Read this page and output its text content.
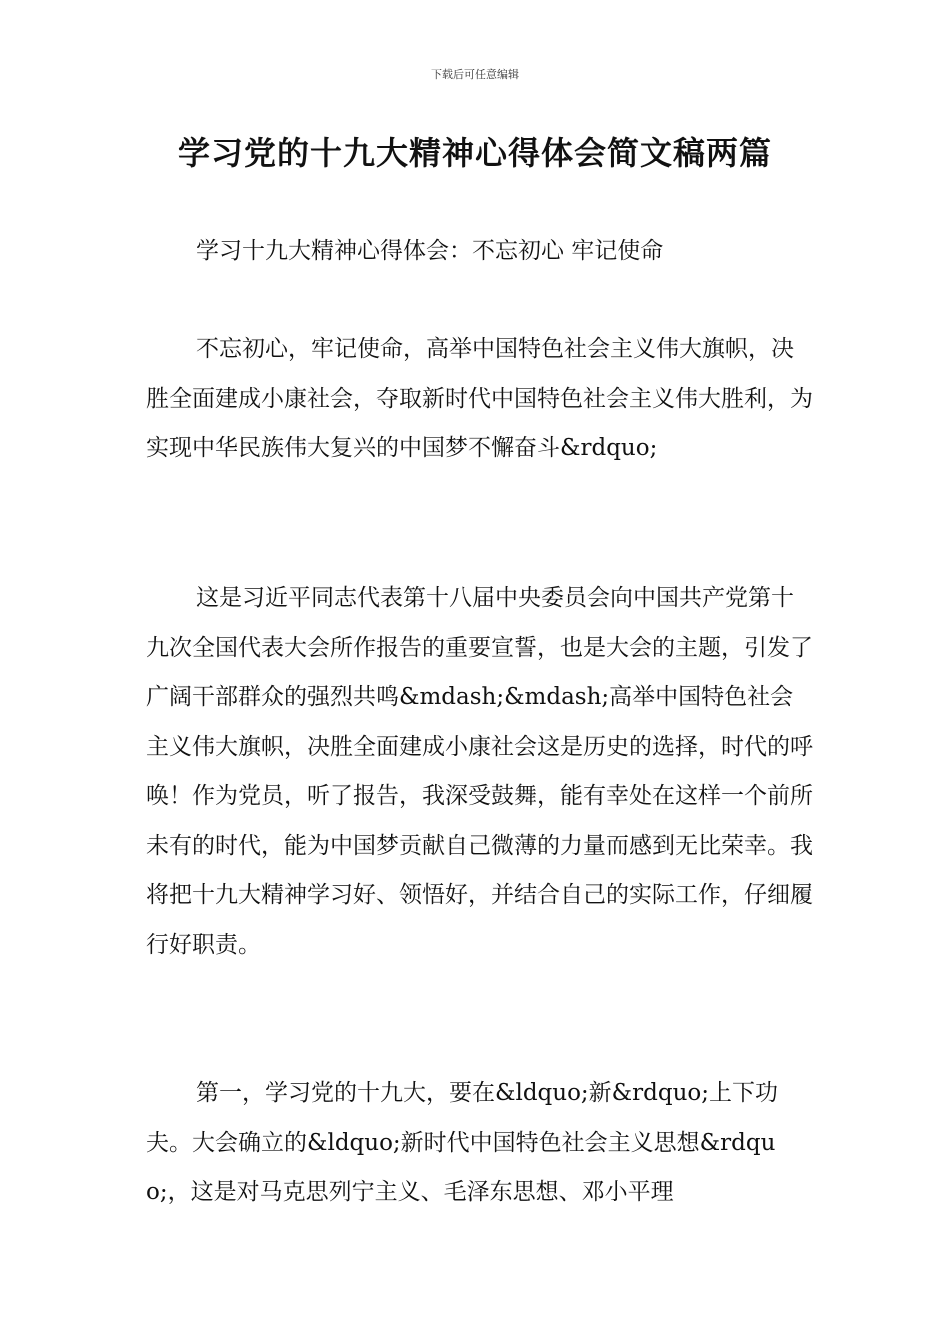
下载后可任意编辑
学习党的十九大精神心得体会简文稿两篇

学习十九大精神心得体会：不忘初心 牢记使命

不忘初心，牢记使命，高举中国特色社会主义伟大旗帜，决胜全面建成小康社会，夺取新时代中国特色社会主义伟大胜利，为实现中华民族伟大复兴的中国梦不懈奋斗&rdquo;

这是习近平同志代表第十八届中央委员会向中国共产党第十九次全国代表大会所作报告的重要宣誓，也是大会的主题，引发了广阔干部群众的强烈共鸣&mdash;&mdash;高举中国特色社会主义伟大旗帜，决胜全面建成小康社会这是历史的选择，时代的呼唤！作为党员，听了报告，我深受鼓舞，能有幸处在这样一个前所未有的时代，能为中国梦贡献自己微薄的力量而感到无比荣幸。我将把十九大精神学习好、领悟好，并结合自己的实际工作，仔细履行好职责。

第一，学习党的十九大，要在&ldquo;新&rdquo;上下功夫。大会确立的&ldquo;新时代中国特色社会主义思想&rdquo;，这是对马克思列宁主义、毛泽东思想、邓小平理
